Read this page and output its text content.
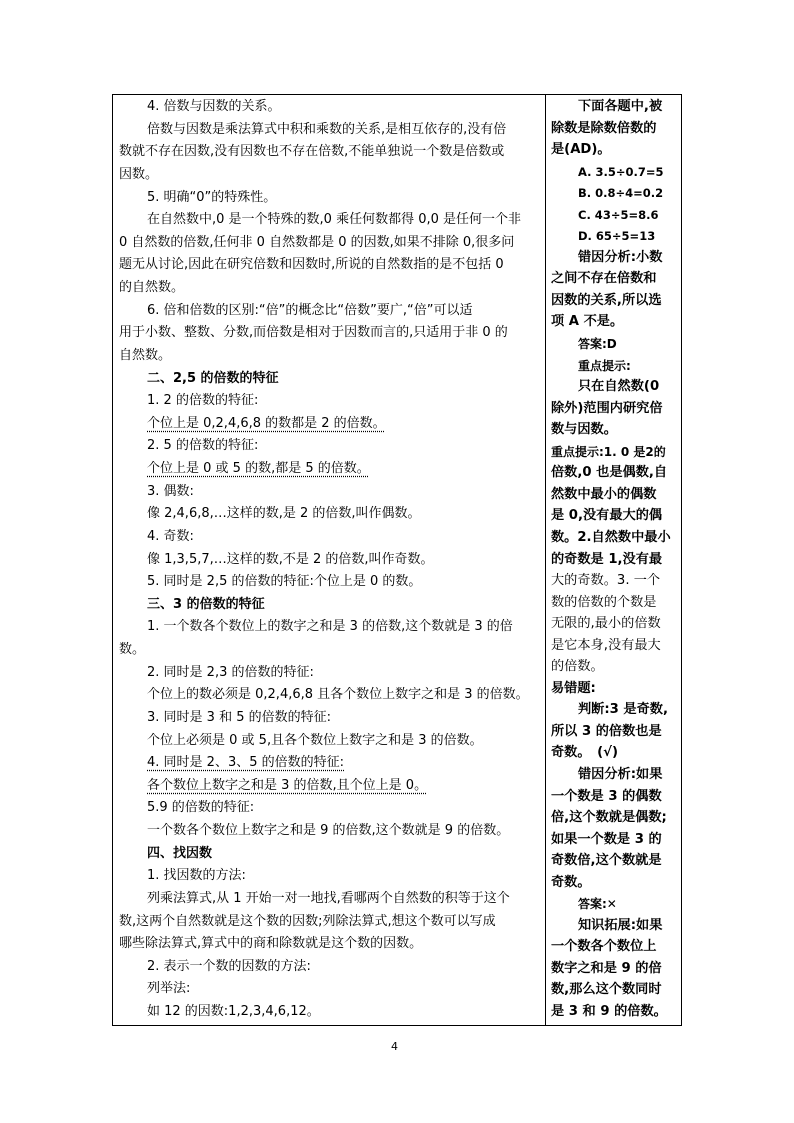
4. 倍数与因数的关系。
倍数与因数是乘法算式中积和乘数的关系,是相互依存的,没有倍
数就不存在因数,没有因数也不存在倍数,不能单独说一个数是倍数或
因数。
5. 明确“0”的特殊性。
在自然数中,0 是一个特殊的数,0 乘任何数都得 0,0 是任何一个非
0 自然数的倍数,任何非 0 自然数都是 0 的因数,如果不排除 0,很多问
题无从讨论,因此在研究倍数和因数时,所说的自然数指的是不包括 0
的自然数。
6. 倍和倍数的区别:“倍”的概念比“倍数”要广,“倍”可以适
用于小数、整数、分数,而倍数是相对于因数而言的,只适用于非 0 的
自然数。
二、2,5 的倍数的特征
1. 2 的倍数的特征:
个位上是 0,2,4,6,8 的数都是 2 的倍数。
2. 5 的倍数的特征:
个位上是 0 或 5 的数,都是 5 的倍数。
3. 偶数:
像 2,4,6,8,…这样的数,是 2 的倍数,叫作偶数。
4. 奇数:
像 1,3,5,7,…这样的数,不是 2 的倍数,叫作奇数。
5. 同时是 2,5 的倍数的特征:个位上是 0 的数。
三、3 的倍数的特征
1. 一个数各个数位上的数字之和是 3 的倍数,这个数就是 3 的倍
数。
2. 同时是 2,3 的倍数的特征:
个位上的数必须是 0,2,4,6,8 且各个数位上数字之和是 3 的倍数。
3. 同时是 3 和 5 的倍数的特征:
个位上必须是 0 或 5,且各个数位上数字之和是 3 的倍数。
4. 同时是 2、3、5 的倍数的特征:
各个数位上数字之和是 3 的倍数,且个位上是 0。
5.9 的倍数的特征:
一个数各个数位上数字之和是 9 的倍数,这个数就是 9 的倍数。
四、找因数
1. 找因数的方法:
列乘法算式,从 1 开始一对一地找,看哪两个自然数的积等于这个
数,这两个自然数就是这个数的因数;列除法算式,想这个数可以写成
哪些除法算式,算式中的商和除数就是这个数的因数。
2. 表示一个数的因数的方法:
列举法:
如 12 的因数:1,2,3,4,6,12。
下面各题中,被
除数是除数倍数的
是(AD)。
A. 3.5÷0.7=5
B. 0.8÷4=0.2
C. 43÷5=8.6
D. 65÷5=13
错因分析:小数
之间不存在倍数和
因数的关系,所以选
项 A 不是。
答案:D
重点提示:
只在自然数(0
除外)范围内研究倍
数与因数。
重点提示:1. 0 是2的
倍数,0 也是偶数,自
然数中最小的偶数
是 0,没有最大的偶
数。2.自然数中最小
的奇数是 1,没有最
大的奇数。3. 一个
数的倍数的个数是
无限的,最小的倍数
是它本身,没有最大
的倍数。
易错题:
判断:3 是奇数,
所以 3 的倍数也是
奇数。　(√)
错因分析:如果
一个数是 3 的偶数
倍,这个数就是偶数;
如果一个数是 3 的
奇数倍,这个数就是
奇数。
答案:✕
知识拓展:如果
一个数各个数位上
数字之和是 9 的倍
数,那么这个数同时
是 3 和 9 的倍数。
4
